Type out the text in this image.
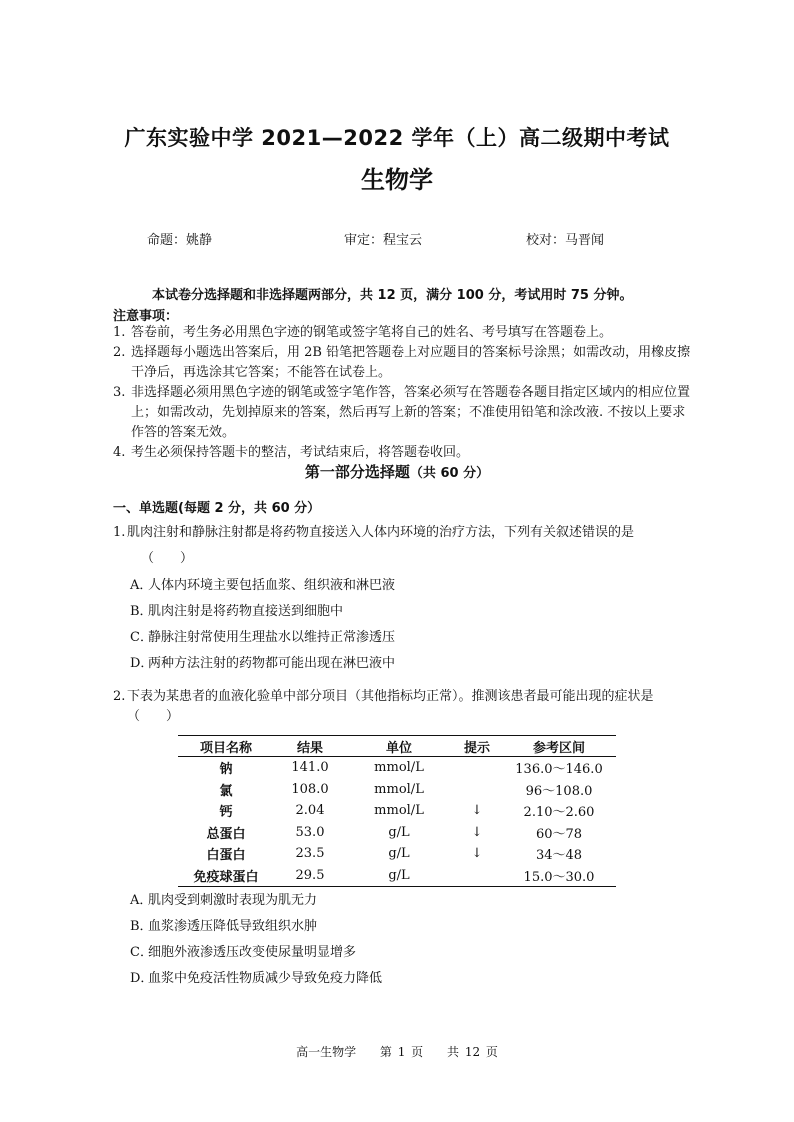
广东实验中学 2021—2022 学年（上）高二级期中考试
生物学
命题：姚静	审定：程宝云	校对：马晋闻
本试卷分选择题和非选择题两部分，共 12 页，满分 100 分，考试用时 75 分钟。
注意事项：
1. 答卷前，考生务必用黑色字迹的钢笔或签字笔将自己的姓名、考号填写在答题卷上。
2. 选择题每小题选出答案后，用 2B 铅笔把答题卷上对应题目的答案标号涂黑；如需改动，用橡皮擦干净后，再选涂其它答案；不能答在试卷上。
3. 非选择题必须用黑色字迹的钢笔或签字笔作答，答案必须写在答题卷各题目指定区域内的相应位置上；如需改动，先划掉原来的答案，然后再写上新的答案；不准使用铅笔和涂改液. 不按以上要求作答的答案无效。
4. 考生必须保持答题卡的整洁，考试结束后，将答题卷收回。
第一部分选择题（共 60 分）
一、单选题(每题 2 分，共 60 分）
1. 肌肉注射和静脉注射都是将药物直接送入人体内环境的治疗方法，下列有关叙述错误的是
（　　）
A．人体内环境主要包括血浆、组织液和淋巴液
B．肌肉注射是将药物直接送到细胞中
C．静脉注射常使用生理盐水以维持正常渗透压
D．两种方法注射的药物都可能出现在淋巴液中
2. 下表为某患者的血液化验单中部分项目（其他指标均正常）。推测该患者最可能出现的症状是（　　）
项目名称	结果	单位	提示	参考区间
钠	141.0	mmol/L		136.0～146.0
氯	108.0	mmol/L		96～108.0
钙	2.04	mmol/L	↓	2.10～2.60
总蛋白	53.0	g/L	↓	60～78
白蛋白	23.5	g/L	↓	34～48
免疫球蛋白	29.5	g/L		15.0～30.0
A．肌肉受到刺激时表现为肌无力
B．血浆渗透压降低导致组织水肿
C．细胞外液渗透压改变使尿量明显增多
D．血浆中免疫活性物质减少导致免疫力降低
高一生物学 第 1 页 共 12 页
